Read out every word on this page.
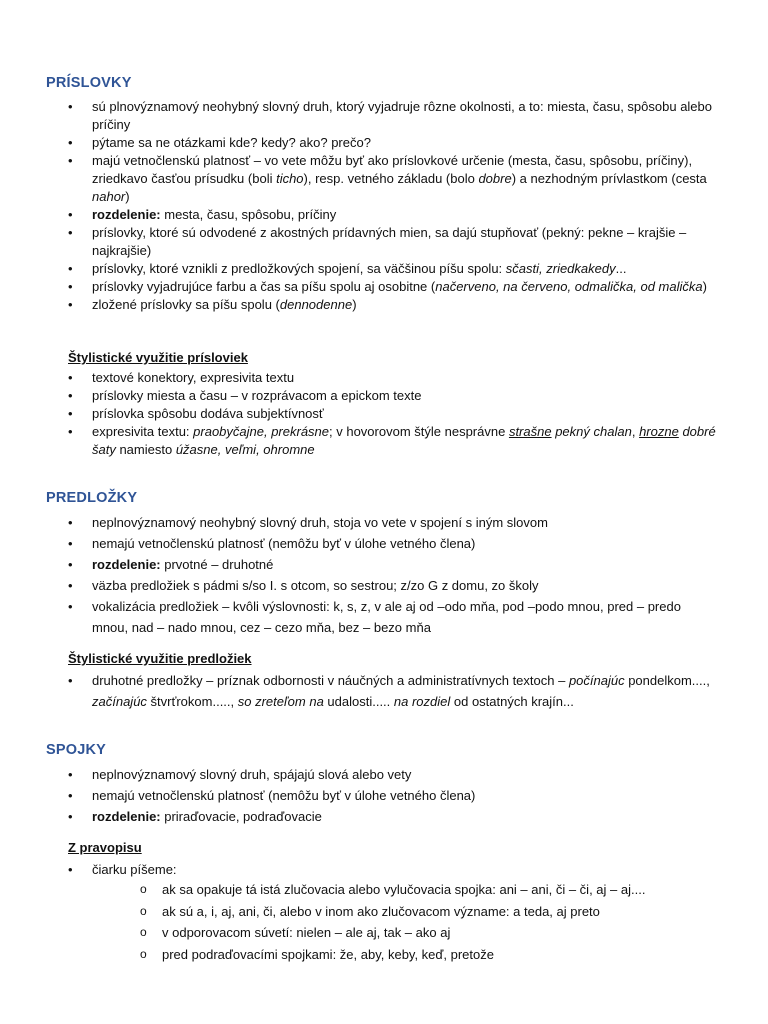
PRÍSLOVKY
• sú plnovýznamový neohybný slovný druh, ktorý vyjadruje rôzne okolnosti, a to: miesta, času, spôsobu alebo príčiny
• pýtame sa ne otázkami kde? kedy? ako? prečo?
• majú vetnočlenskú platnosť – vo vete môžu byť ako príslovkové určenie (mesta, času, spôsobu, príčiny), zriedkavo časťou prísudku (boli ticho), resp. vetného základu (bolo dobre) a nezhodným prívlastkom (cesta nahor)
• rozdelenie: mesta, času, spôsobu, príčiny
• príslovky, ktoré sú odvodené z akostných prídavných mien, sa dajú stupňovať (pekný: pekne – krajšie – najkrajšie)
• príslovky, ktoré vznikli z predložkových spojení, sa väčšinou píšu spolu: sčasti, zriedkakedy...
• príslovky vyjadrujúce farbu a čas sa píšu spolu aj osobitne (načerveno, na červeno, odmalička, od malička)
• zložené príslovky sa píšu spolu (dennodenne)
Štylistické využitie prísloviek
• textové konektory, expresivita textu
• príslovky miesta a času – v rozprávacom a epickom texte
• príslovka spôsobu dodáva subjektívnosť
• expresivita textu: praobyčajne, prekrásne; v hovorovom štýle nesprávne strašne pekný chalan, hrozne dobré šaty namiesto úžasne, veľmi, ohromne
PREDLOŽKY
• neplnovýznamový neohybný slovný druh, stoja vo vete v spojení s iným slovom
• nemajú vetnočlenskú platnosť (nemôžu byť v úlohe vetného člena)
• rozdelenie: prvotné – druhotné
• väzba predložiek s pádmi s/so I. s otcom, so sestrou; z/zo G z domu, zo školy
• vokalizácia predložiek – kvôli výslovnosti: k, s, z, v ale aj od –odo mňa, pod –podo mnou, pred – predo mnou, nad – nado mnou, cez – cezo mňa, bez – bezo mňa
Štylistické využitie predložiek
• druhotné predložky – príznak odbornosti v náučných a administratívnych textoch – počínajúc pondelkom...., začínajúc štvrťrokom....., so zreteľom na udalosti..... na rozdiel od ostatných krajín...
SPOJKY
• neplnovýznamový slovný druh, spájajú slová alebo vety
• nemajú vetnočlenskú platnosť (nemôžu byť v úlohe vetného člena)
• rozdelenie: priraďovacie, podraďovacie
Z pravopisu
• čiarku píšeme:
o ak sa opakuje tá istá zlučovacia alebo vylučovacia spojka: ani – ani, či – či, aj – aj....
o ak sú a, i, aj, ani, či, alebo v inom ako zlučovacom význame: a teda, aj preto
o v odporovacom súvetí: nielen – ale aj, tak – ako aj
o pred podraďovacími spojkami: že, aby, keby, keď, pretože
